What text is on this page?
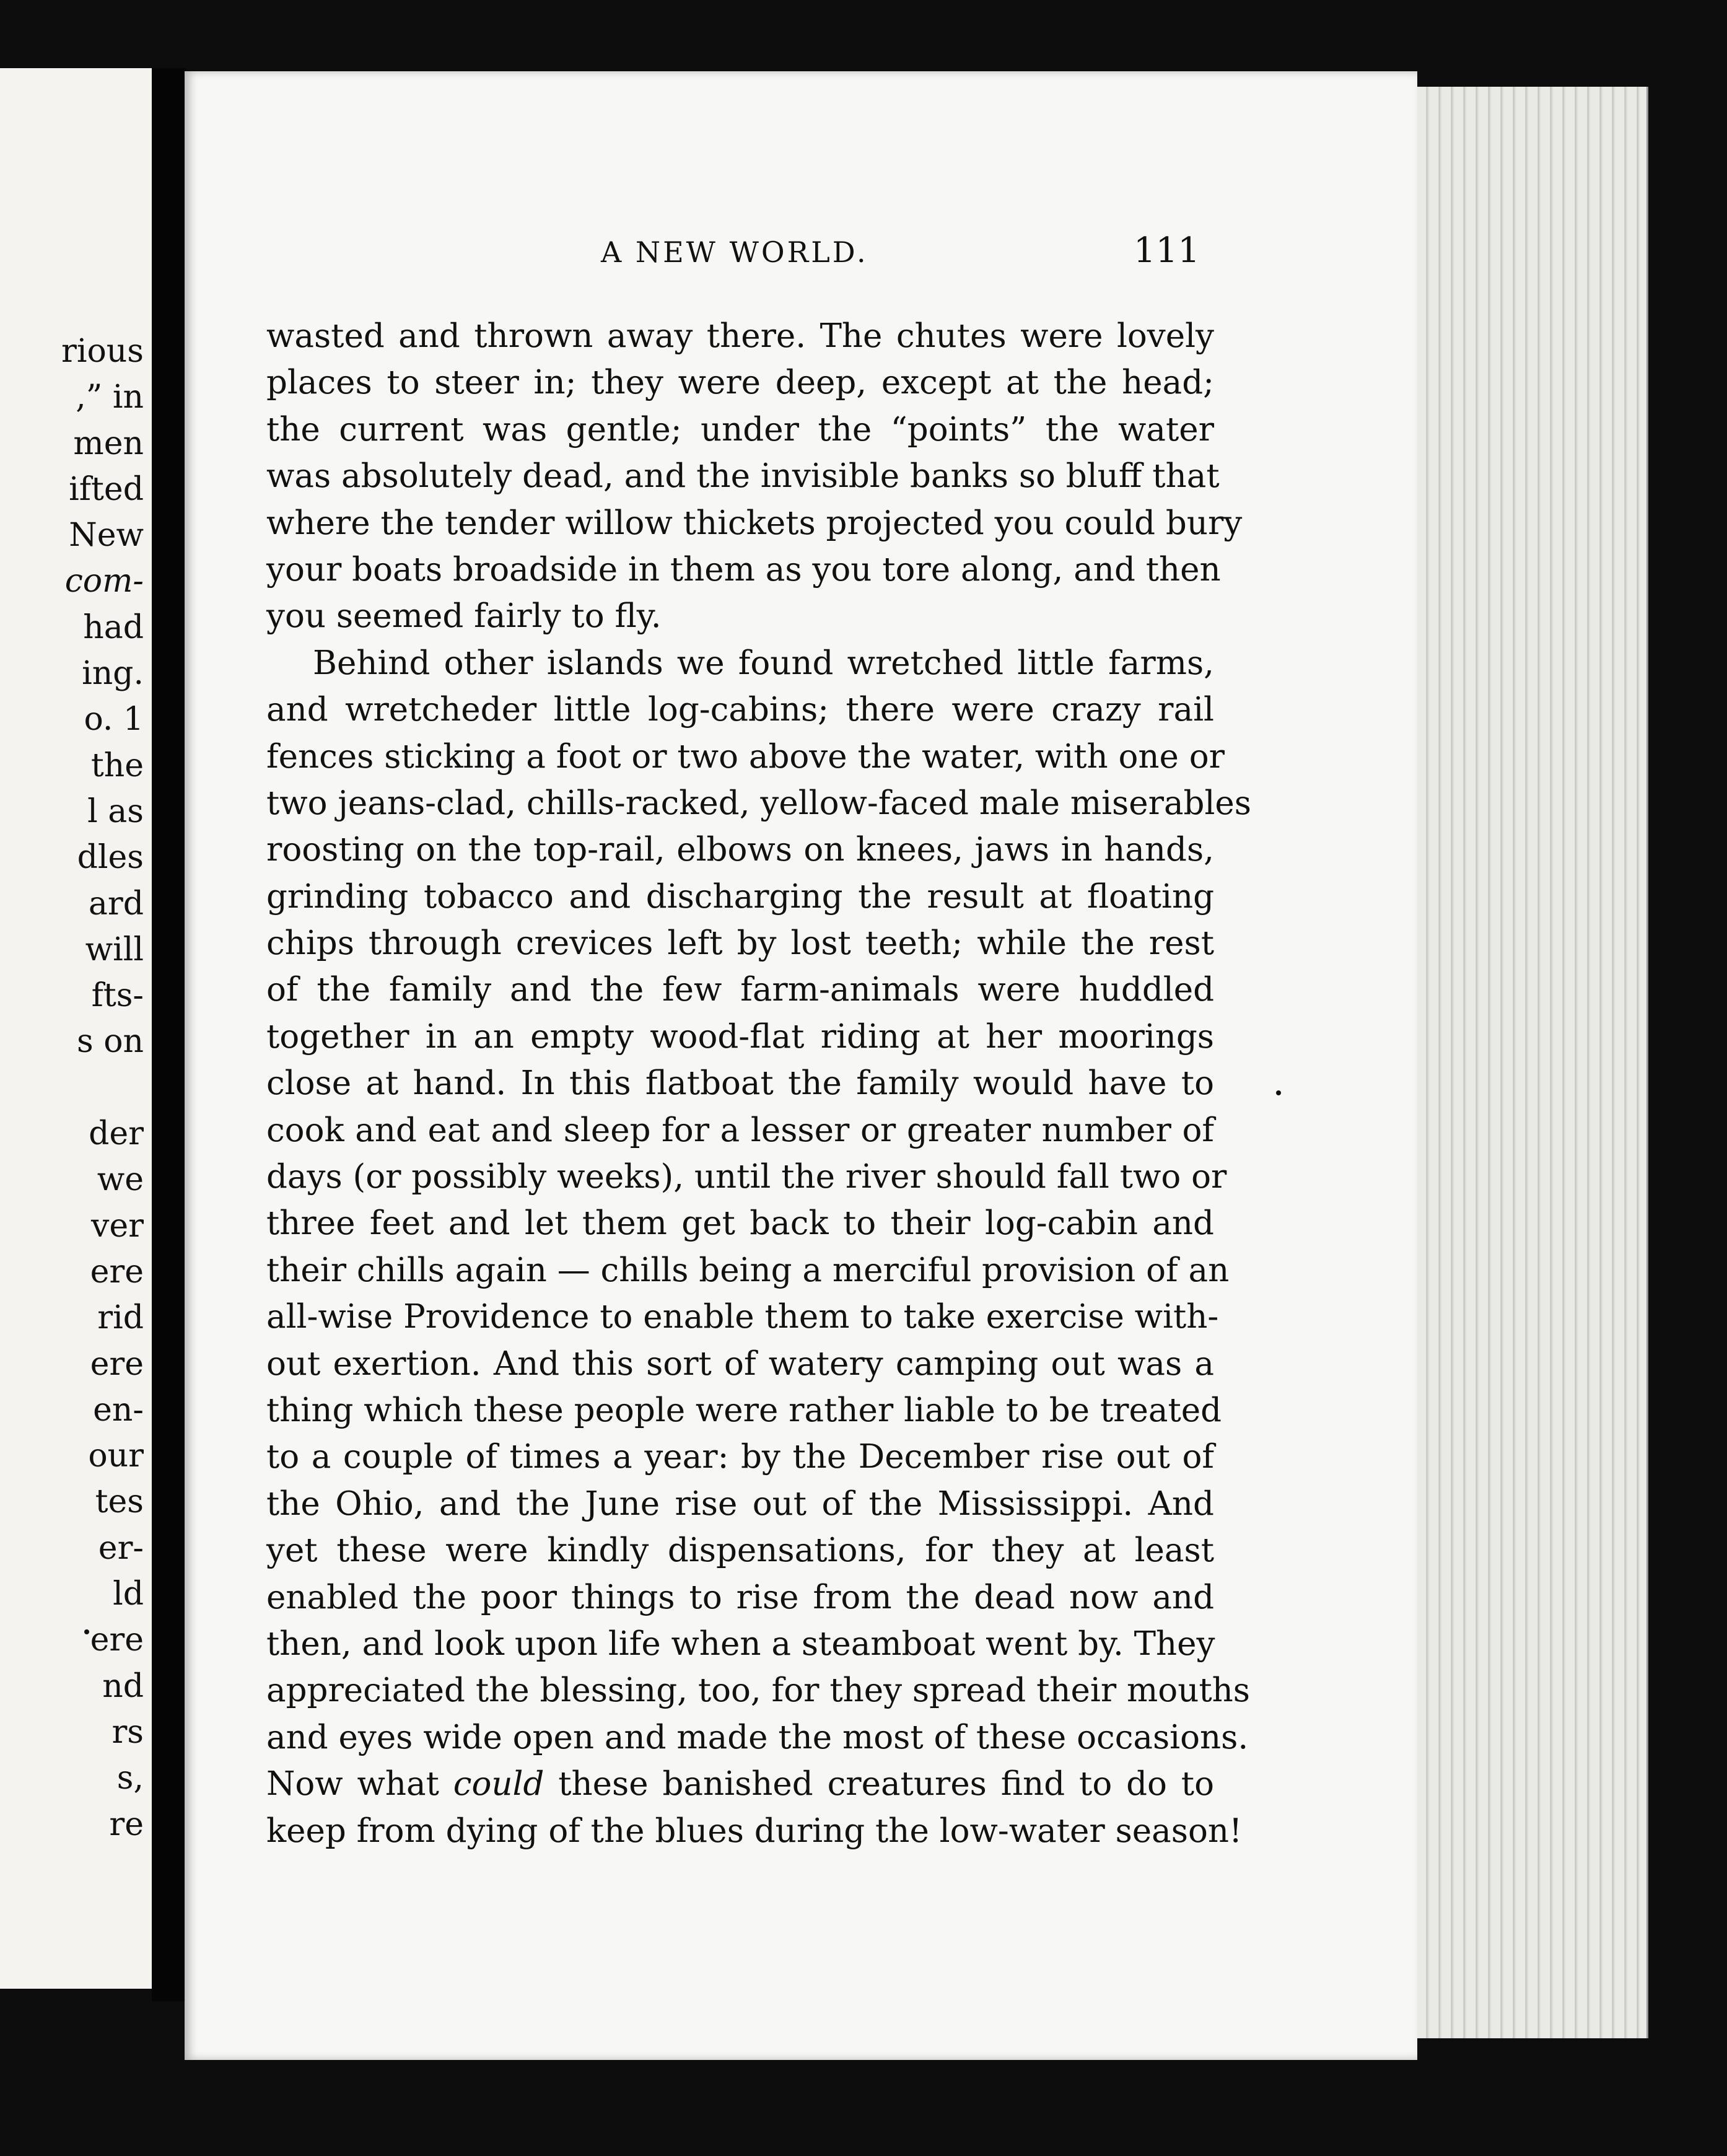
rious
,” in
men
ifted
New
com-
had
ing.
o. 1
the
l as
dles
ard
will
fts-
s on
der
we
ver
ere
rid
ere
en-
our
tes
er-
ld
ere
nd
rs
s,
re
A NEW WORLD.	111
wasted and thrown away there. The chutes were lovely
places to steer in; they were deep, except at the head;
the current was gentle; under the “points” the water
was absolutely dead, and the invisible banks so bluff that
where the tender willow thickets projected you could bury
your boats broadside in them as you tore along, and then
you seemed fairly to fly.
Behind other islands we found wretched little farms,
and wretcheder little log-cabins; there were crazy rail
fences sticking a foot or two above the water, with one or
two jeans-clad, chills-racked, yellow-faced male miserables
roosting on the top-rail, elbows on knees, jaws in hands,
grinding tobacco and discharging the result at floating
chips through crevices left by lost teeth; while the rest
of the family and the few farm-animals were huddled
together in an empty wood-flat riding at her moorings
close at hand. In this flatboat the family would have to
cook and eat and sleep for a lesser or greater number of
days (or possibly weeks), until the river should fall two or
three feet and let them get back to their log-cabin and
their chills again — chills being a merciful provision of an
all-wise Providence to enable them to take exercise with-
out exertion. And this sort of watery camping out was a
thing which these people were rather liable to be treated
to a couple of times a year: by the December rise out of
the Ohio, and the June rise out of the Mississippi. And
yet these were kindly dispensations, for they at least
enabled the poor things to rise from the dead now and
then, and look upon life when a steamboat went by. They
appreciated the blessing, too, for they spread their mouths
and eyes wide open and made the most of these occasions.
Now what could these banished creatures find to do to
keep from dying of the blues during the low-water season!
